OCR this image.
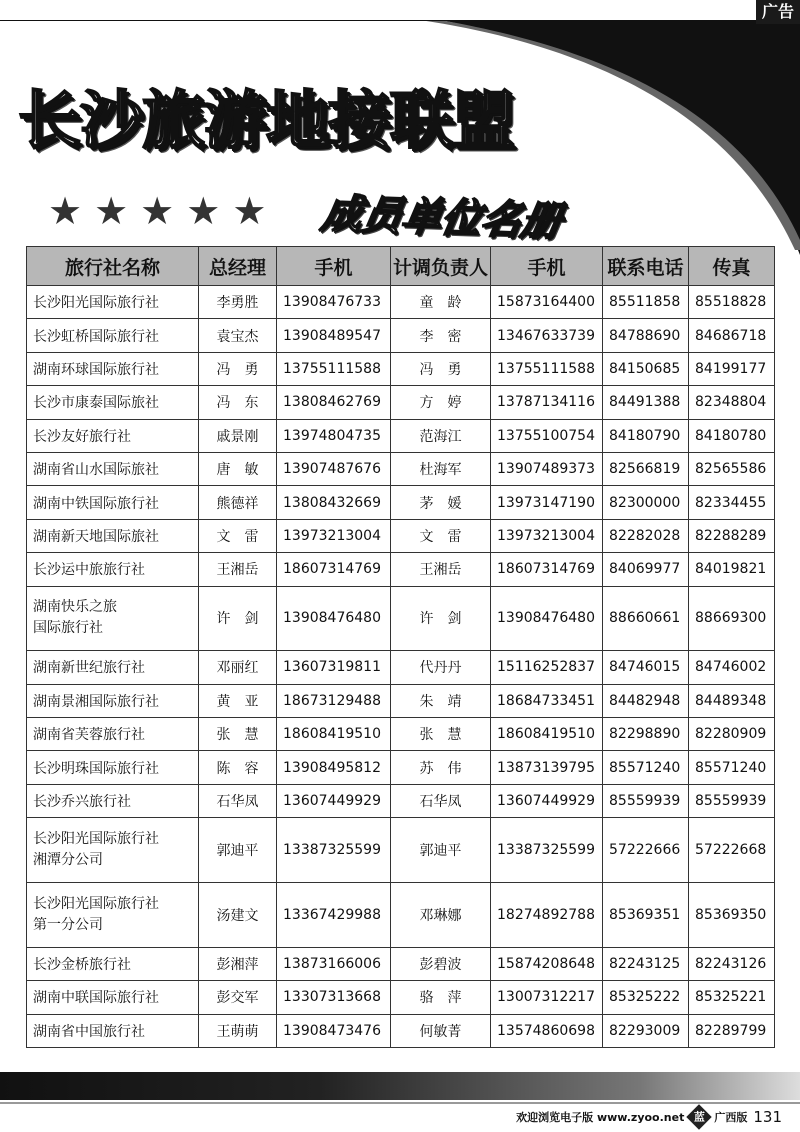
广告
长沙旅游地接联盟
★ ★ ★ ★ ★	成员单位名册
旅行社名称	总经理	手机	计调负责人	手机	联系电话	传真
长沙阳光国际旅行社	李勇胜	13908476733	童　龄	15873164400	85511858	85518828
长沙虹桥国际旅行社	袁宝杰	13908489547	李　密	13467633739	84788690	84686718
湖南环球国际旅行社	冯　勇	13755111588	冯　勇	13755111588	84150685	84199177
长沙市康泰国际旅社	冯　东	13808462769	方　婷	13787134116	84491388	82348804
长沙友好旅行社	戚景刚	13974804735	范海江	13755100754	84180790	84180780
湖南省山水国际旅社	唐　敏	13907487676	杜海军	13907489373	82566819	82565586
湖南中铁国际旅行社	熊德祥	13808432669	茅　媛	13973147190	82300000	82334455
湖南新天地国际旅社	文　雷	13973213004	文　雷	13973213004	82282028	82288289
长沙运中旅旅行社	王湘岳	18607314769	王湘岳	18607314769	84069977	84019821

湖南快乐之旅
国际旅行社	许　剑	13908476480	许　剑	13908476480	88660661	88669300
湖南新世纪旅行社	邓丽红	13607319811	代丹丹	15116252837	84746015	84746002
湖南景湘国际旅行社	黄　亚	18673129488	朱　靖	18684733451	84482948	84489348
湖南省芙蓉旅行社	张　慧	18608419510	张　慧	18608419510	82298890	82280909
长沙明珠国际旅行社	陈　容	13908495812	苏　伟	13873139795	85571240	85571240
长沙乔兴旅行社	石华凤	13607449929	石华凤	13607449929	85559939	85559939

长沙阳光国际旅行社
湘潭分公司	郭迪平	13387325599	郭迪平	13387325599	57222666	57222668

长沙阳光国际旅行社
第一分公司	汤建文	13367429988	邓琳娜	18274892788	85369351	85369350
长沙金桥旅行社	彭湘萍	13873166006	彭碧波	15874208648	82243125	82243126
湖南中联国际旅行社	彭交军	13307313668	骆　萍	13007312217	85325222	85325221
湖南省中国旅行社	王萌萌	13908473476	何敏菁	13574860698	82293009	82289799
欢迎浏览电子版 www.zyoo.net 蓝 广西版 131
